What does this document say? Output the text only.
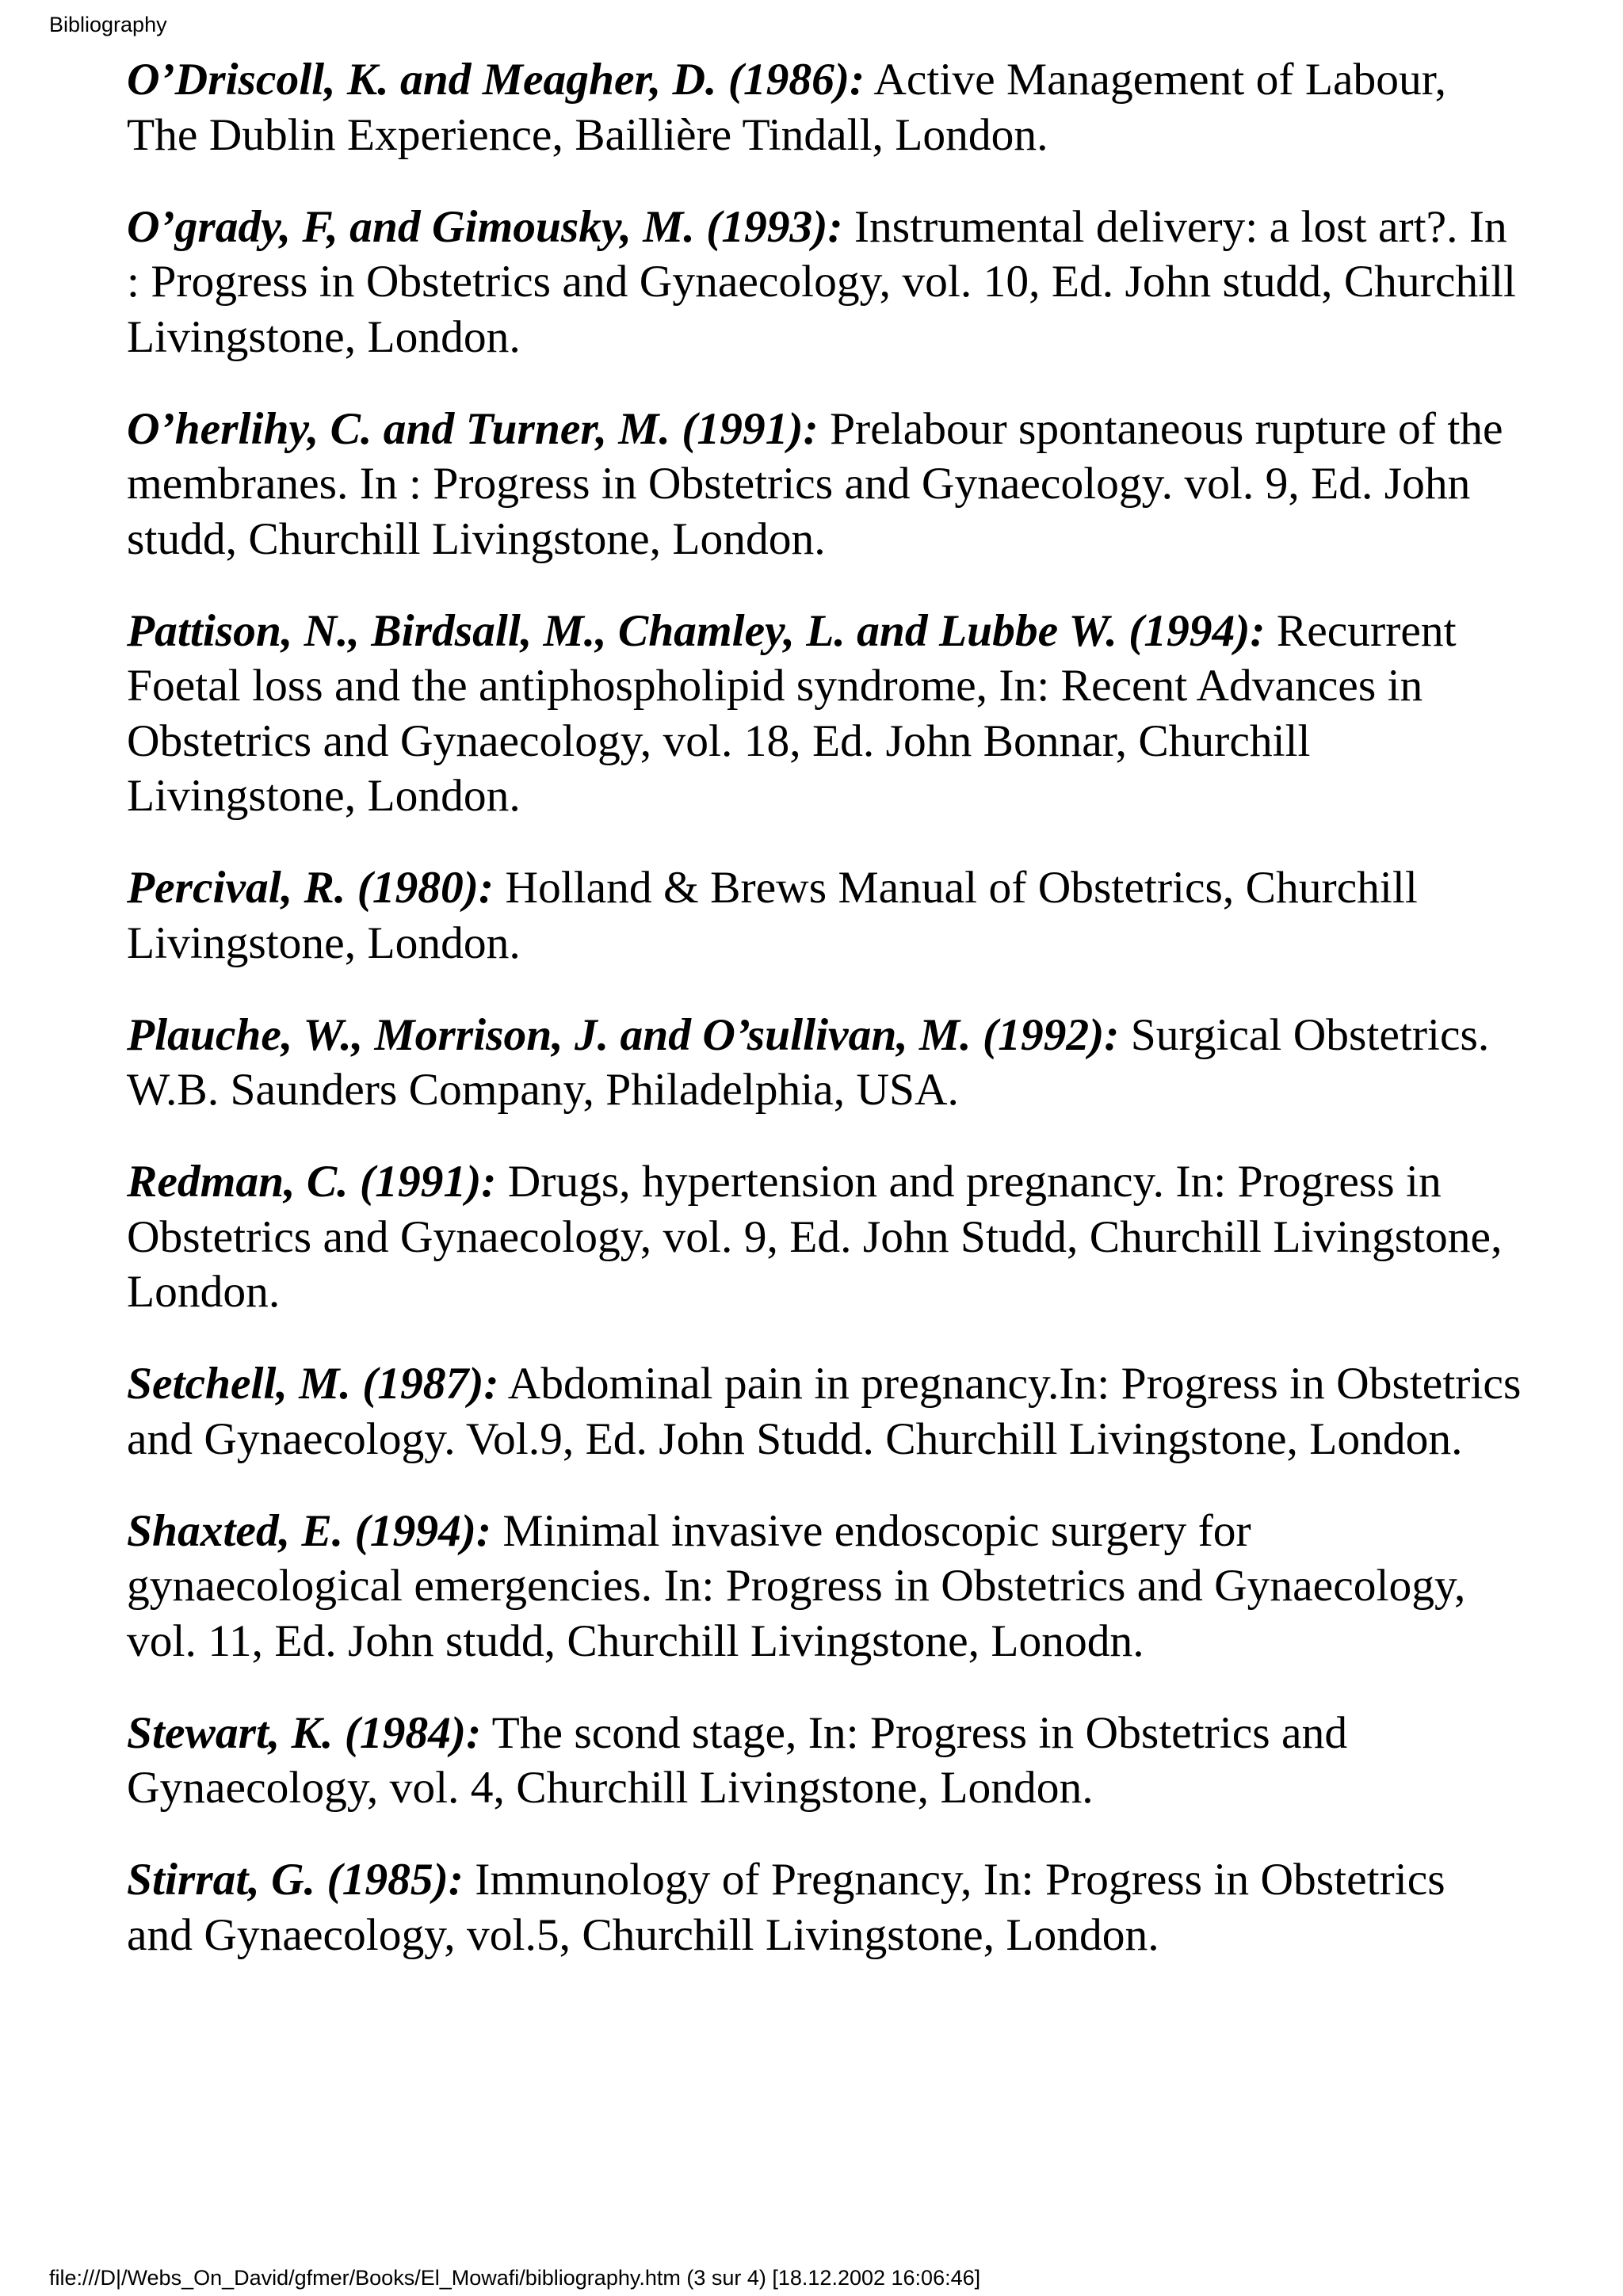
Bibliography

O’Driscoll, K. and Meagher, D. (1986): Active Management of Labour, The Dublin Experience, Baillière Tindall, London.

O’grady, F, and Gimousky, M. (1993): Instrumental delivery: a lost art?. In : Progress in Obstetrics and Gynaecology, vol. 10, Ed. John studd, Churchill Livingstone, London.

O’herlihy, C. and Turner, M. (1991): Prelabour spontaneous rupture of the membranes. In : Progress in Obstetrics and Gynaecology. vol. 9, Ed. John studd, Churchill Livingstone, London.

Pattison, N., Birdsall, M., Chamley, L. and Lubbe W. (1994): Recurrent Foetal loss and the antiphospholipid syndrome, In: Recent Advances in Obstetrics and Gynaecology, vol. 18, Ed. John Bonnar, Churchill Livingstone, London.

Percival, R. (1980): Holland & Brews Manual of Obstetrics, Churchill Livingstone, London.

Plauche, W., Morrison, J. and O’sullivan, M. (1992): Surgical Obstetrics. W.B. Saunders Company, Philadelphia, USA.

Redman, C. (1991): Drugs, hypertension and pregnancy. In: Progress in Obstetrics and Gynaecology, vol. 9, Ed. John Studd, Churchill Livingstone, London.

Setchell, M. (1987): Abdominal pain in pregnancy.In: Progress in Obstetrics and Gynaecology. Vol.9, Ed. John Studd. Churchill Livingstone, London.

Shaxted, E. (1994): Minimal invasive endoscopic surgery for gynaecological emergencies. In: Progress in Obstetrics and Gynaecology, vol. 11, Ed. John studd, Churchill Livingstone, Lonodn.

Stewart, K. (1984): The scond stage, In: Progress in Obstetrics and Gynaecology, vol. 4, Churchill Livingstone, London.

Stirrat, G. (1985): Immunology of Pregnancy, In: Progress in Obstetrics and Gynaecology, vol.5, Churchill Livingstone, London.

file:///D|/Webs_On_David/gfmer/Books/El_Mowafi/bibliography.htm (3 sur 4) [18.12.2002 16:06:46]
